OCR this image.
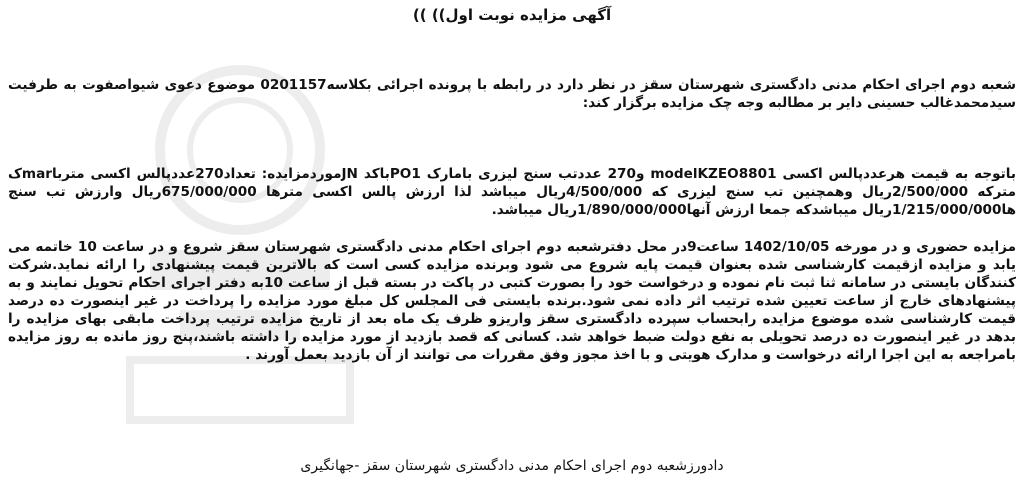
آگهی مزایده نوبت اول)) ))
شعبه دوم اجرای احکام مدنی دادگستری شهرستان سقز در نظر دارد در رابطه با پرونده اجرائی بکلاسه0201157 موضوع دعوی شیواصفوت به طرفیت سیدمحمدغالب حسینی دایر بر مطالبه وجه چک مزایده برگزار کند:
باتوجه به قیمت هرعددپالس اکسی modelKZEO8801 و270 عددتب سنج لیزری بامارک PO1باکد JNموردمزایده: تعداد270عددپالس اکسی مترباmarک مترکه 2/500/000ریال وهمچنین تب سنج لیزری که 4/500/000ریال میباشد لذا ارزش پالس اکسی مترها 675/000/000ریال وارزش تب سنج ها1/215/000/000ریال میباشدکه جمعا ارزش آنها1/890/000/000ریال میباشد.
مزایده حضوری و در مورخه 1402/10/05 ساعت9در محل دفترشعبه دوم اجرای احکام مدنی دادگستری شهرستان سقز شروع و در ساعت 10 خاتمه می یابد و مزایده ازقیمت کارشناسی شده بعنوان قیمت پایه شروع می شود وبرنده مزایده کسی است که بالاترین قیمت پیشنهادی را ارائه نماید.شرکت کنندگان بایستی در سامانه ثنا ثبت نام نموده و درخواست خود را بصورت کتبی در پاکت در بسته قبل از ساعت 10به دفتر اجرای احکام تحویل نمایند و به پیشنهادهای خارج از ساعت تعیین شده ترتیب اثر داده نمی شود.برنده بایستی فی المجلس کل مبلغ مورد مزایده را پرداخت در غیر اینصورت ده درصد قیمت کارشناسی شده موضوع مزایده رابحساب سپرده دادگستری سقز واریزو ظرف یک ماه بعد از تاریخ مزایده ترتیب پرداخت مابقی بهای مزایده را بدهد در غیر اینصورت ده درصد تحویلی به نفع دولت ضبط خواهد شد. کسانی که قصد بازدید از مورد مزایده را داشته باشند،پنج روز مانده به روز مزایده بامراجعه به این اجرا ارائه درخواست و مدارک هویتی و با اخذ مجوز وفق مقررات می توانند از آن بازدید بعمل آورند .
دادورزشعبه دوم اجرای احکام مدنی دادگستری شهرستان سقز -جهانگیری
